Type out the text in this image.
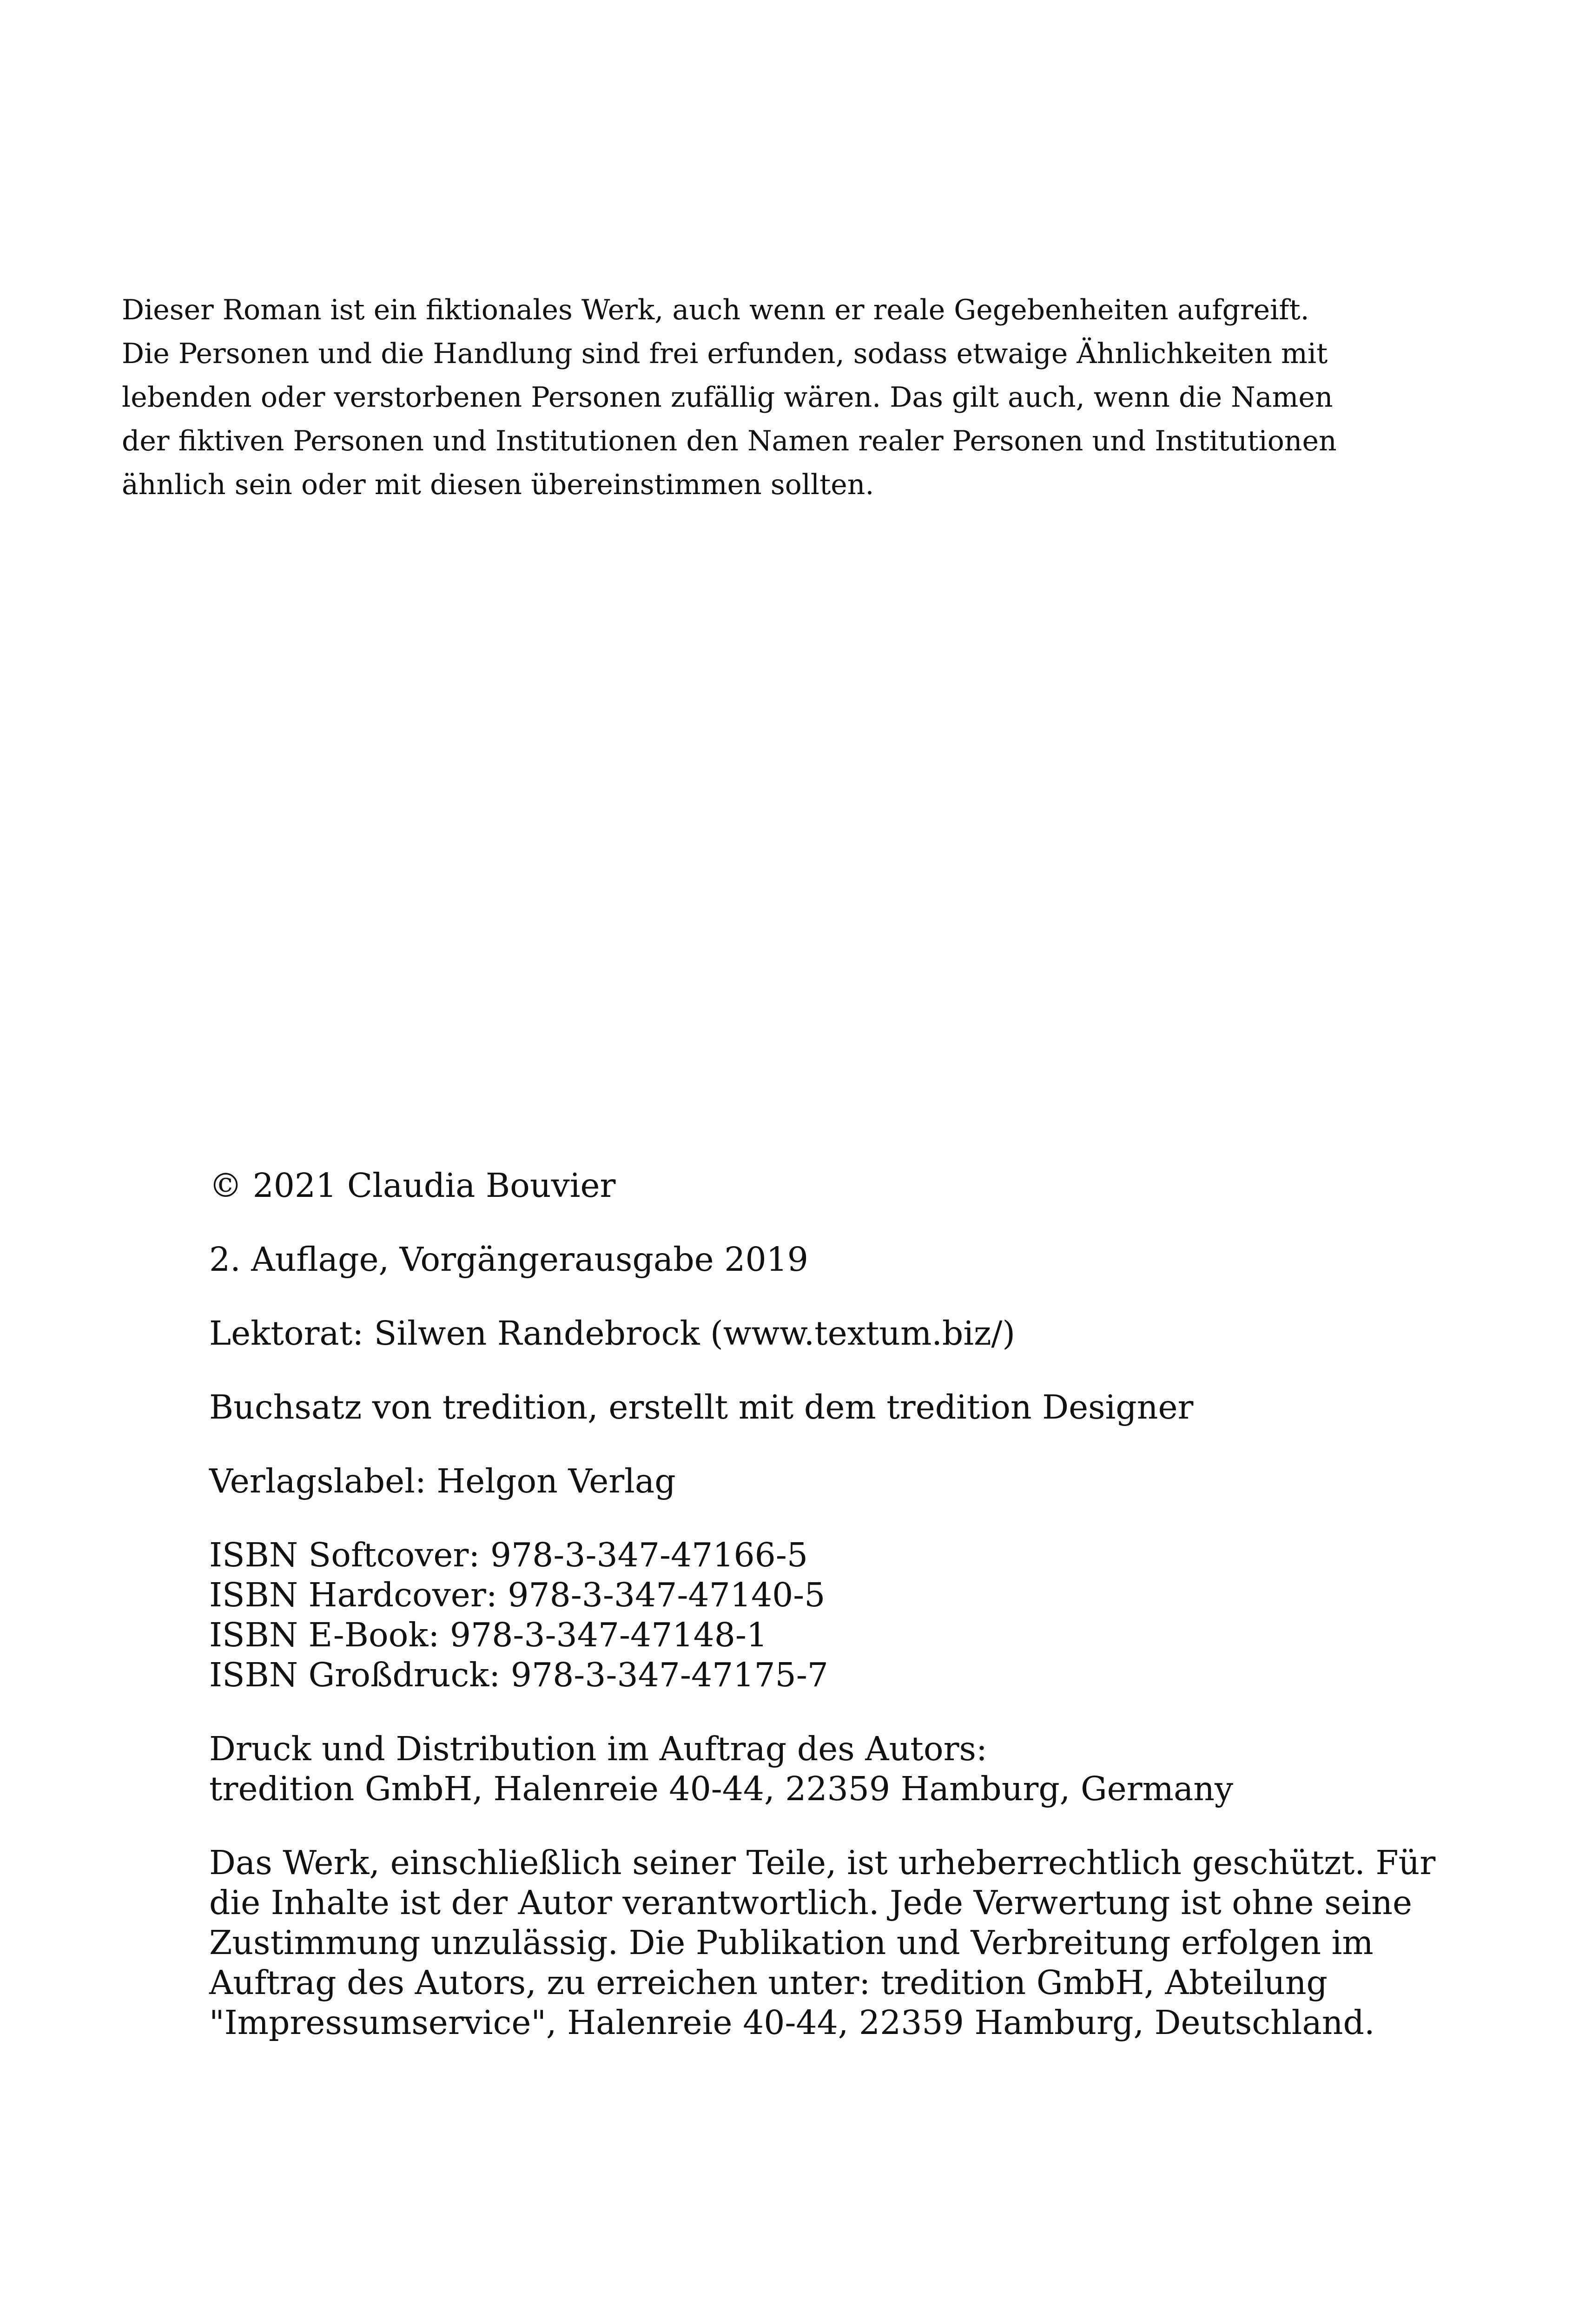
Dieser Roman ist ein fiktionales Werk, auch wenn er reale Gegebenheiten aufgreift.
Die Personen und die Handlung sind frei erfunden, sodass etwaige Ähnlichkeiten mit
lebenden oder verstorbenen Personen zufällig wären. Das gilt auch, wenn die Namen
der fiktiven Personen und Institutionen den Namen realer Personen und Institutionen
ähnlich sein oder mit diesen übereinstimmen sollten.
© 2021 Claudia Bouvier
2. Auflage, Vorgängerausgabe 2019
Lektorat: Silwen Randebrock (www.textum.biz/)
Buchsatz von tredition, erstellt mit dem tredition Designer
Verlagslabel: Helgon Verlag
ISBN Softcover: 978-3-347-47166-5
ISBN Hardcover: 978-3-347-47140-5
ISBN E-Book: 978-3-347-47148-1
ISBN Großdruck: 978-3-347-47175-7
Druck und Distribution im Auftrag des Autors:
tredition GmbH, Halenreie 40-44, 22359 Hamburg, Germany
Das Werk, einschließlich seiner Teile, ist urheberrechtlich geschützt. Für
die Inhalte ist der Autor verantwortlich. Jede Verwertung ist ohne seine
Zustimmung unzulässig. Die Publikation und Verbreitung erfolgen im
Auftrag des Autors, zu erreichen unter: tredition GmbH, Abteilung
"Impressumservice", Halenreie 40-44, 22359 Hamburg, Deutschland.
